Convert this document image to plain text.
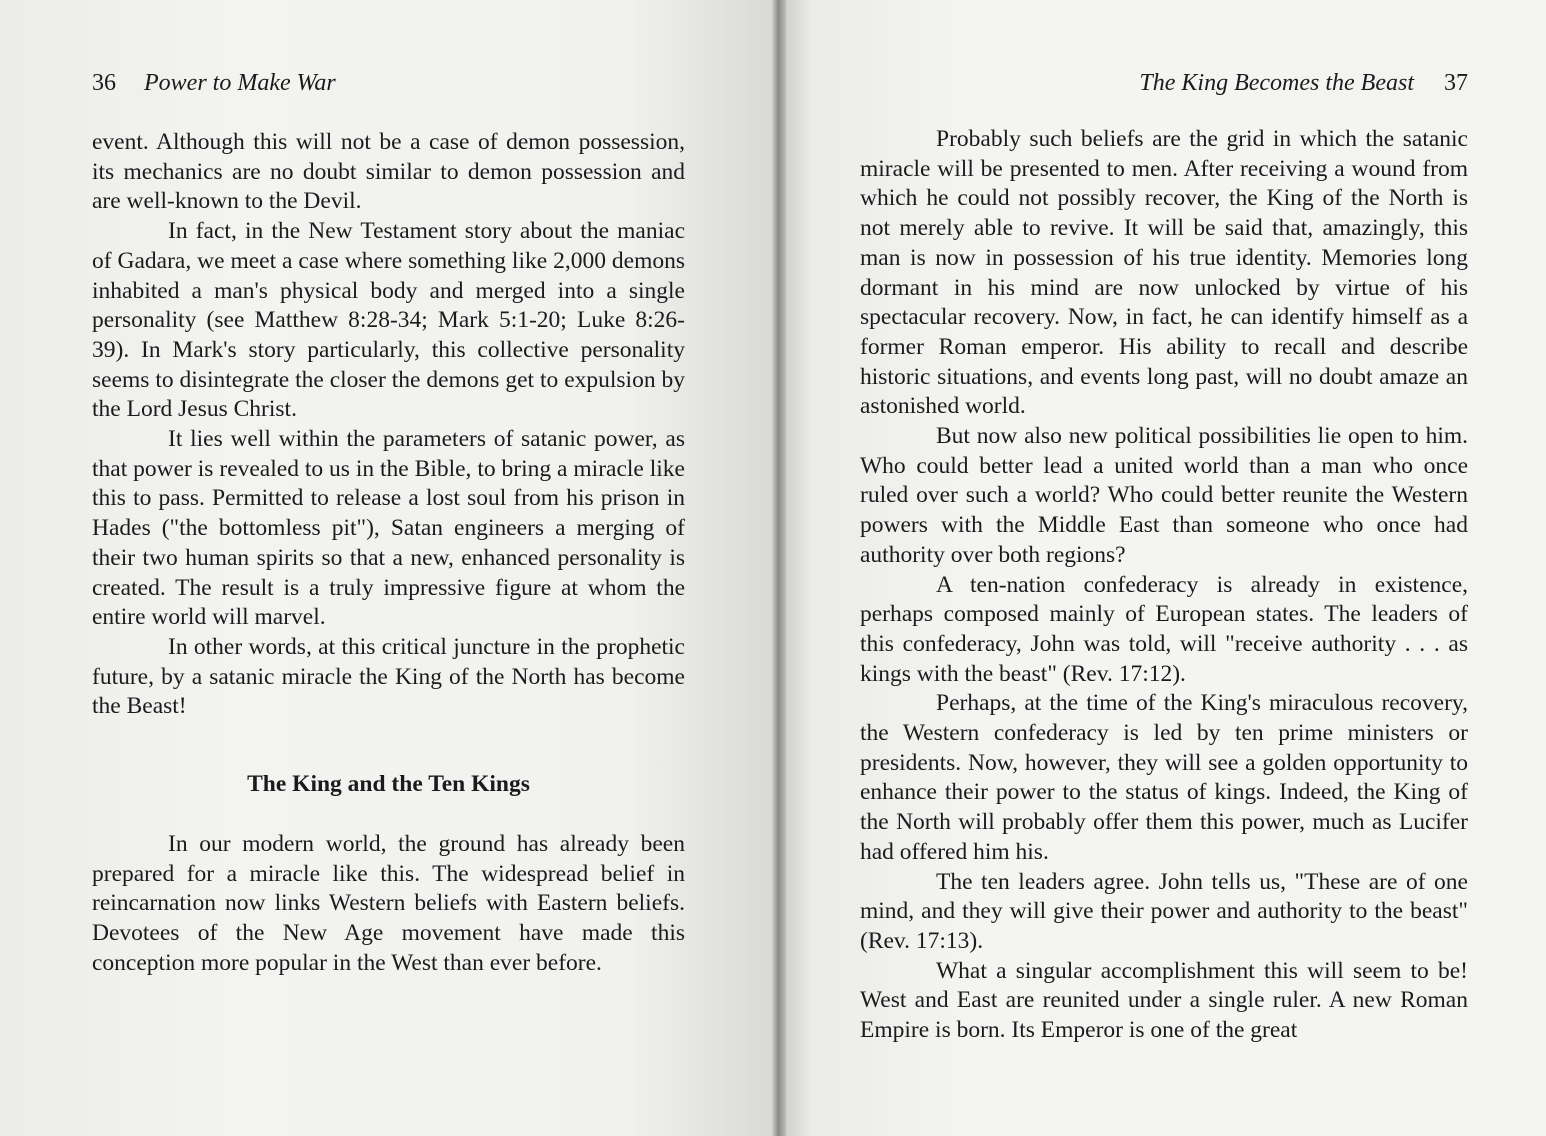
36 Power to Make War

event. Although this will not be a case of demon possession, its mechanics are no doubt similar to demon possession and are well-known to the Devil.

In fact, in the New Testament story about the maniac of Gadara, we meet a case where something like 2,000 demons inhabited a man's physical body and merged into a single personality (see Matthew 8:28-34; Mark 5:1-20; Luke 8:26-39). In Mark's story particularly, this collective personality seems to disintegrate the closer the demons get to expulsion by the Lord Jesus Christ.

It lies well within the parameters of satanic power, as that power is revealed to us in the Bible, to bring a miracle like this to pass. Permitted to release a lost soul from his prison in Hades ("the bottomless pit"), Satan engineers a merging of their two human spirits so that a new, enhanced personality is created. The result is a truly impressive figure at whom the entire world will marvel.

In other words, at this critical juncture in the prophetic future, by a satanic miracle the King of the North has become the Beast!

The King and the Ten Kings

In our modern world, the ground has already been prepared for a miracle like this. The widespread belief in reincarnation now links Western beliefs with Eastern beliefs. Devotees of the New Age movement have made this conception more popular in the West than ever before.

The King Becomes the Beast 37

Probably such beliefs are the grid in which the satanic miracle will be presented to men. After receiving a wound from which he could not possibly recover, the King of the North is not merely able to revive. It will be said that, amazingly, this man is now in possession of his true identity. Memories long dormant in his mind are now unlocked by virtue of his spectacular recovery. Now, in fact, he can identify himself as a former Roman emperor. His ability to recall and describe historic situations, and events long past, will no doubt amaze an astonished world.

But now also new political possibilities lie open to him. Who could better lead a united world than a man who once ruled over such a world? Who could better reunite the Western powers with the Middle East than someone who once had authority over both regions?

A ten-nation confederacy is already in existence, perhaps composed mainly of European states. The leaders of this confederacy, John was told, will "receive authority . . . as kings with the beast" (Rev. 17:12).

Perhaps, at the time of the King's miraculous recovery, the Western confederacy is led by ten prime ministers or presidents. Now, however, they will see a golden opportunity to enhance their power to the status of kings. Indeed, the King of the North will probably offer them this power, much as Lucifer had offered him his.

The ten leaders agree. John tells us, "These are of one mind, and they will give their power and authority to the beast" (Rev. 17:13).

What a singular accomplishment this will seem to be! West and East are reunited under a single ruler. A new Roman Empire is born. Its Emperor is one of the great
